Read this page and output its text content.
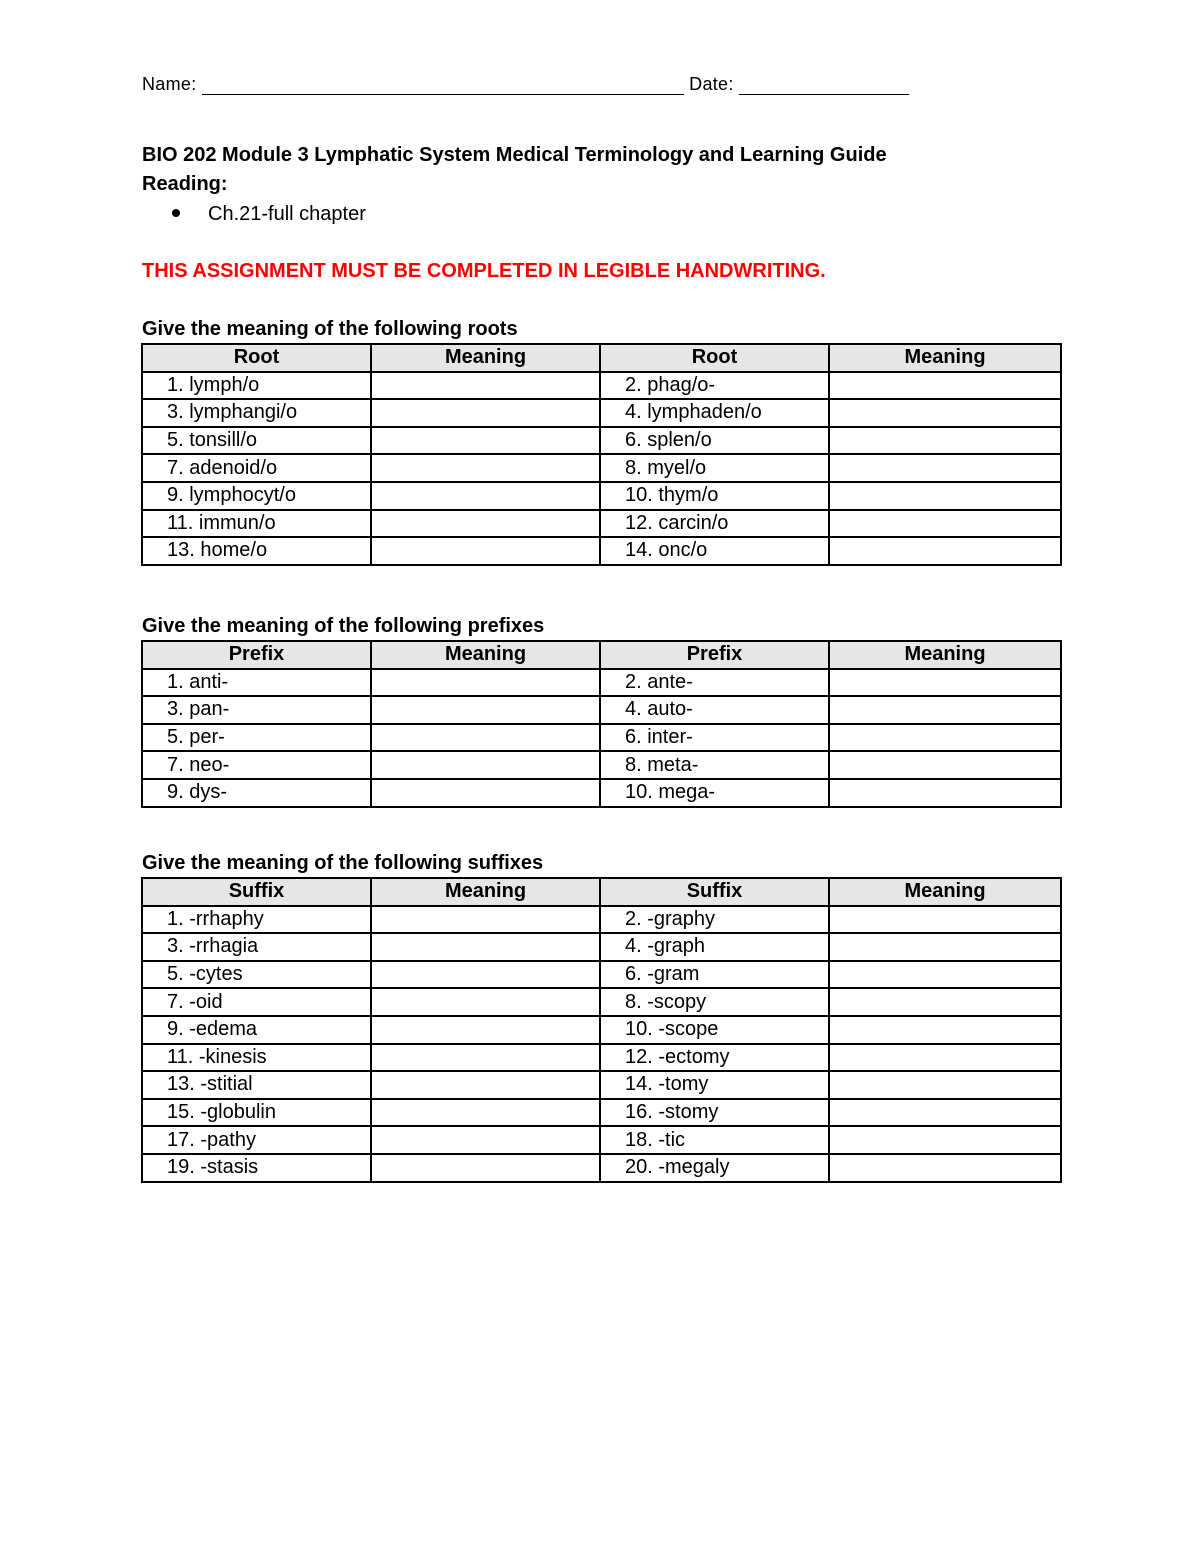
Name:	Date:
BIO 202 Module 3 Lymphatic System Medical Terminology and Learning Guide
Reading:
Ch.21-full chapter
THIS ASSIGNMENT MUST BE COMPLETED IN LEGIBLE HANDWRITING.
Give the meaning of the following roots
Root	Meaning	Root	Meaning
1. lymph/o		2. phag/o-	
3. lymphangi/o		4. lymphaden/o	
5. tonsill/o		6. splen/o	
7. adenoid/o		8. myel/o	
9. lymphocyt/o		10. thym/o	
11. immun/o		12. carcin/o	
13. home/o		14. onc/o	
Give the meaning of the following prefixes
Prefix	Meaning	Prefix	Meaning
1. anti-		2. ante-	
3. pan-		4. auto-	
5. per-		6. inter-	
7. neo-		8. meta-	
9. dys-		10. mega-	
Give the meaning of the following suffixes
Suffix	Meaning	Suffix	Meaning
1. -rrhaphy		2. -graphy	
3. -rrhagia		4. -graph	
5. -cytes		6. -gram	
7. -oid		8. -scopy	
9. -edema		10. -scope	
11. -kinesis		12. -ectomy	
13. -stitial		14. -tomy	
15. -globulin		16. -stomy	
17. -pathy		18. -tic	
19. -stasis		20. -megaly	
